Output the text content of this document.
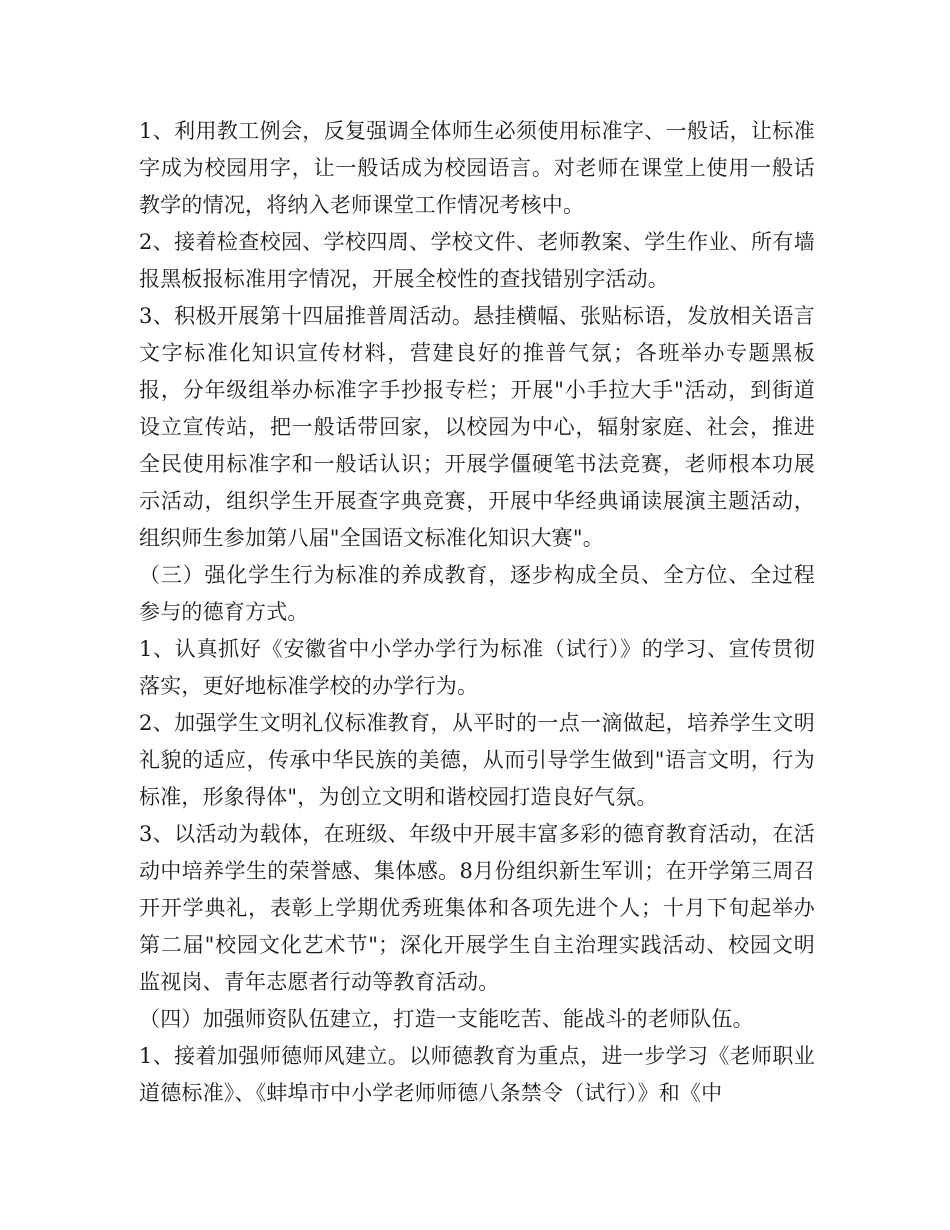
1、利用教工例会，反复强调全体师生必须使用标准字、一般话，让标准字成为校园用字，让一般话成为校园语言。对老师在课堂上使用一般话教学的情况，将纳入老师课堂工作情况考核中。

2、接着检查校园、学校四周、学校文件、老师教案、学生作业、所有墙报黑板报标准用字情况，开展全校性的查找错别字活动。

3、积极开展第十四届推普周活动。悬挂横幅、张贴标语，发放相关语言文字标准化知识宣传材料，营建良好的推普气氛；各班举办专题黑板报，分年级组举办标准字手抄报专栏；开展"小手拉大手"活动，到街道设立宣传站，把一般话带回家，以校园为中心，辐射家庭、社会，推进全民使用标准字和一般话认识；开展学僵硬笔书法竞赛，老师根本功展示活动，组织学生开展查字典竞赛，开展中华经典诵读展演主题活动，组织师生参加第八届"全国语文标准化知识大赛"。

（三）强化学生行为标准的养成教育，逐步构成全员、全方位、全过程参与的德育方式。

1、认真抓好《安徽省中小学办学行为标准（试行）》的学习、宣传贯彻落实，更好地标准学校的办学行为。

2、加强学生文明礼仪标准教育，从平时的一点一滴做起，培养学生文明礼貌的适应，传承中华民族的美德，从而引导学生做到"语言文明，行为标准，形象得体"，为创立文明和谐校园打造良好气氛。

3、以活动为载体，在班级、年级中开展丰富多彩的德育教育活动，在活动中培养学生的荣誉感、集体感。8月份组织新生军训；在开学第三周召开开学典礼，表彰上学期优秀班集体和各项先进个人；十月下旬起举办第二届"校园文化艺术节"；深化开展学生自主治理实践活动、校园文明监视岗、青年志愿者行动等教育活动。

（四）加强师资队伍建立，打造一支能吃苦、能战斗的老师队伍。

1、接着加强师德师风建立。以师德教育为重点，进一步学习《老师职业道德标准》、《蚌埠市中小学老师师德八条禁令（试行）》和《中
